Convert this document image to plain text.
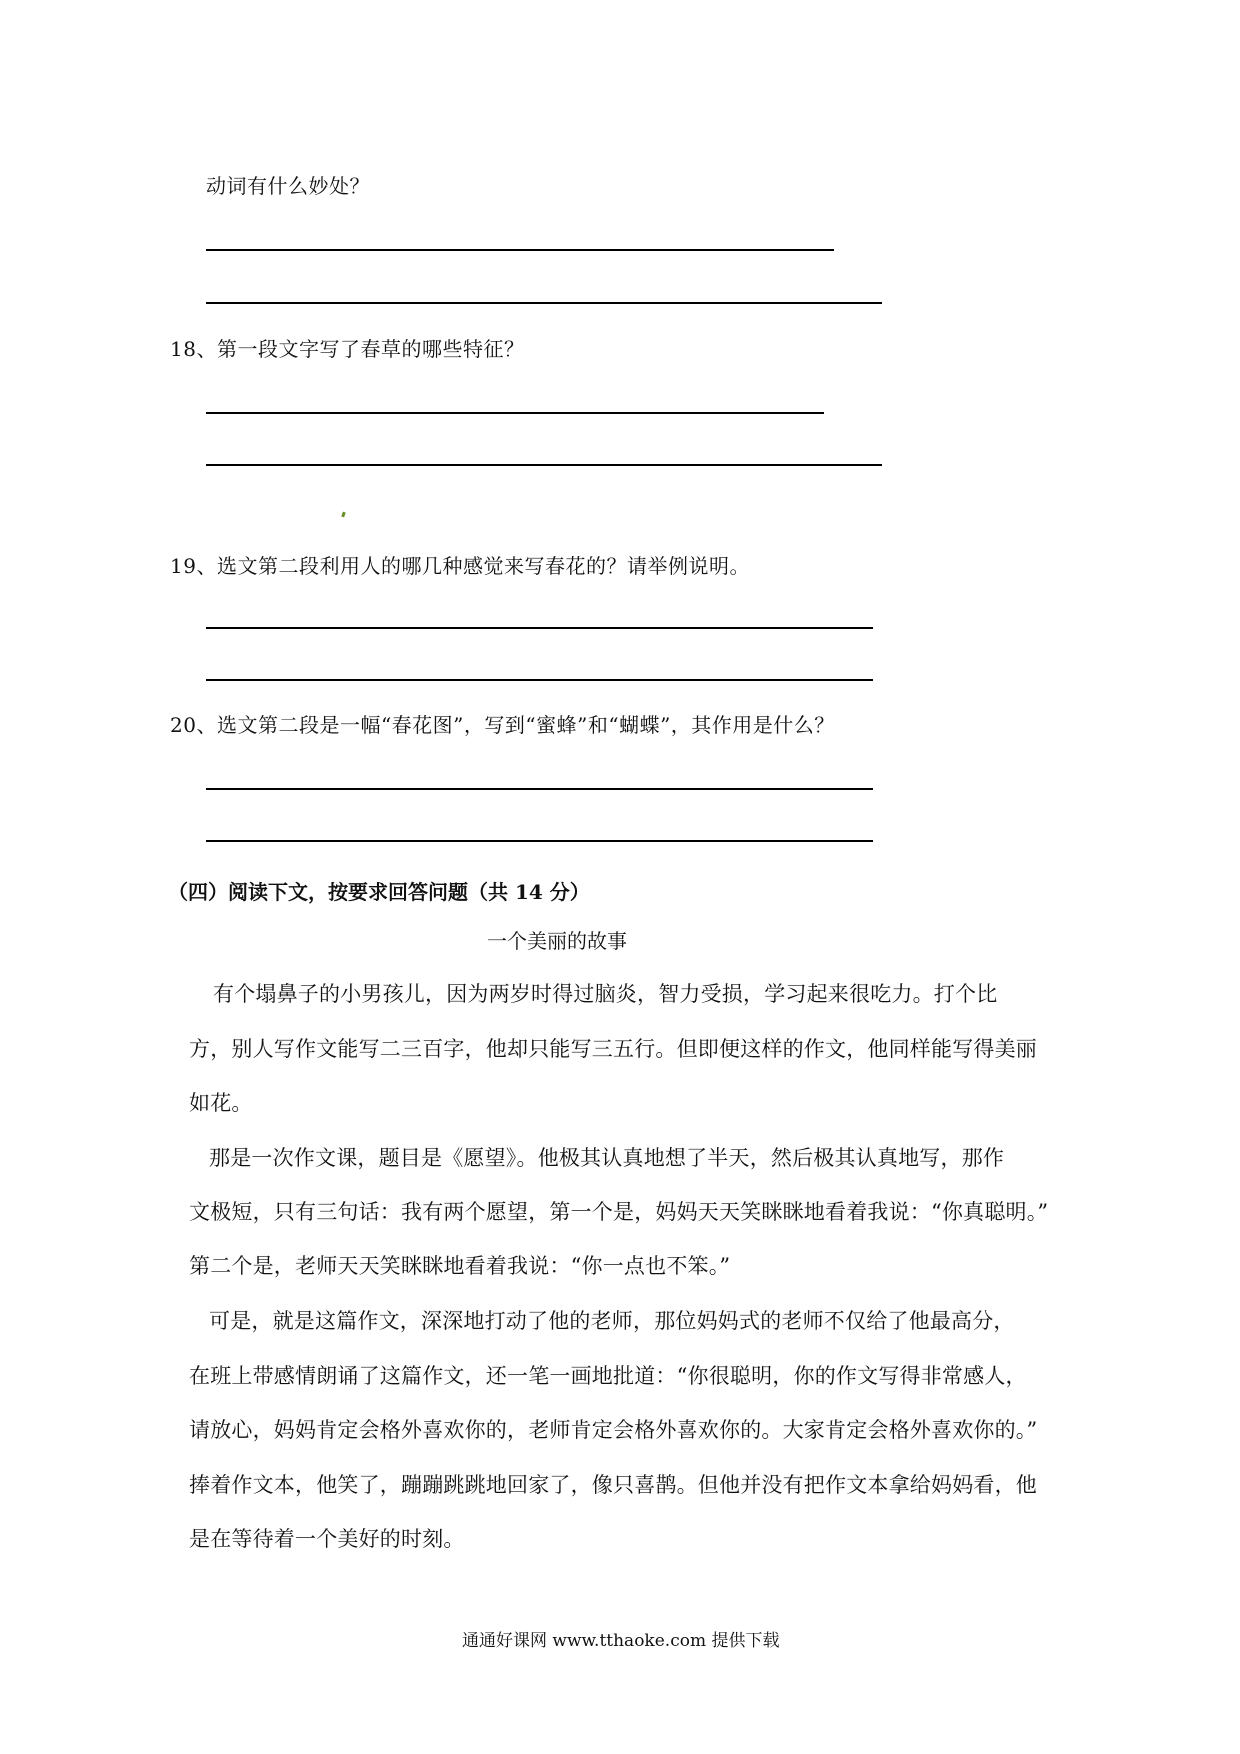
动词有什么妙处？
18、第一段文字写了春草的哪些特征？
19、选文第二段利用人的哪几种感觉来写春花的？请举例说明。
20、选文第二段是一幅“春花图”，写到“蜜蜂”和“蝴蝶”，其作用是什么？
（四）阅读下文，按要求回答问题（共 14 分）
一个美丽的故事
有个塌鼻子的小男孩儿，因为两岁时得过脑炎，智力受损，学习起来很吃力。打个比
方，别人写作文能写二三百字，他却只能写三五行。但即便这样的作文，他同样能写得美丽
如花。
那是一次作文课，题目是《愿望》。他极其认真地想了半天，然后极其认真地写，那作
文极短，只有三句话：我有两个愿望，第一个是，妈妈天天笑眯眯地看着我说：“你真聪明。”
第二个是，老师天天笑眯眯地看着我说：“你一点也不笨。”
可是，就是这篇作文，深深地打动了他的老师，那位妈妈式的老师不仅给了他最高分，
在班上带感情朗诵了这篇作文，还一笔一画地批道：“你很聪明，你的作文写得非常感人，
请放心，妈妈肯定会格外喜欢你的，老师肯定会格外喜欢你的。大家肯定会格外喜欢你的。”
捧着作文本，他笑了，蹦蹦跳跳地回家了，像只喜鹊。但他并没有把作文本拿给妈妈看，他
是在等待着一个美好的时刻。
通通好课网 www.tthaoke.com 提供下载
